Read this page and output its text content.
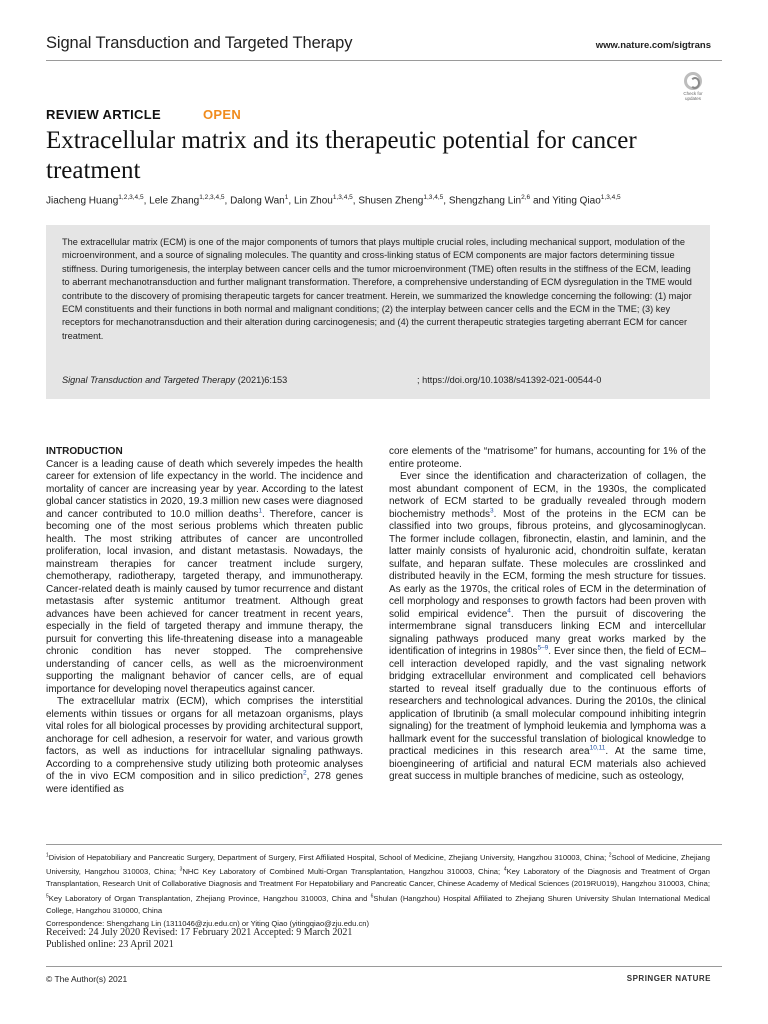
Signal Transduction and Targeted Therapy	www.nature.com/sigtrans
Check for updates
REVIEW ARTICLE	OPEN
Extracellular matrix and its therapeutic potential for cancer treatment
Jiacheng Huang$^{1,2,3,4,5}$, Lele Zhang$^{1,2,3,4,5}$, Dalong Wan$^1$, Lin Zhou$^{1,3,4,5}$, Shusen Zheng$^{1,3,4,5}$, Shengzhang Lin$^{2,6}$ and Yiting Qiao$^{1,3,4,5}$

The extracellular matrix (ECM) is one of the major components of tumors that plays multiple crucial roles, including mechanical support, modulation of the microenvironment, and a source of signaling molecules. The quantity and cross-linking status of ECM components are major factors determining tissue stiffness. During tumorigenesis, the interplay between cancer cells and the tumor microenvironment (TME) often results in the stiffness of the ECM, leading to aberrant mechanotransduction and further malignant transformation. Therefore, a comprehensive understanding of ECM dysregulation in the TME would contribute to the discovery of promising therapeutic targets for cancer treatment. Herein, we summarized the knowledge concerning the following: (1) major ECM constituents and their functions in both normal and malignant conditions; (2) the interplay between cancer cells and the ECM in the TME; (3) key receptors for mechanotransduction and their alteration during carcinogenesis; and (4) the current therapeutic strategies targeting aberrant ECM for cancer treatment.

Signal Transduction and Targeted Therapy (2021)6:153	; https://doi.org/10.1038/s41392-021-00544-0
INTRODUCTION

Cancer is a leading cause of death which severely impedes the health career for extension of life expectancy in the world. The incidence and mortality of cancer are increasing year by year. According to the latest global cancer statistics in 2020, 19.3 million new cases were diagnosed and cancer contributed to 10.0 million deaths$^1$. Therefore, cancer is becoming one of the most serious problems which threaten public health. The most striking attributes of cancer are uncontrolled proliferation, local invasion, and distant metastasis. Nowadays, the mainstream therapies for cancer treatment include surgery, chemotherapy, radiotherapy, targeted therapy, and immunotherapy. Cancer-related death is mainly caused by tumor recurrence and distant metastasis after systemic antitumor treatment. Although great advances have been achieved for cancer treatment in recent years, especially in the field of targeted therapy and immune therapy, the pursuit for converting this life-threatening disease into a manageable chronic condition has never stopped. The comprehensive understanding of cancer cells, as well as the microenvironment supporting the malignant behavior of cancer cells, are of equal importance for developing novel therapeutics against cancer.

The extracellular matrix (ECM), which comprises the interstitial elements within tissues or organs for all metazoan organisms, plays vital roles for all biological processes by providing architectural support, anchorage for cell adhesion, a reservoir for water, and various growth factors, as well as inductions for intracellular signaling pathways. According to a comprehensive study utilizing both proteomic analyses of the in vivo ECM composition and in silico prediction$^2$, 278 genes were identified as

core elements of the “matrisome” for humans, accounting for 1% of the entire proteome.

Ever since the identification and characterization of collagen, the most abundant component of ECM, in the 1930s, the complicated network of ECM started to be gradually revealed through modern biochemistry methods$^3$. Most of the proteins in the ECM can be classified into two groups, fibrous proteins, and glycosaminoglycan. The former include collagen, fibronectin, elastin, and laminin, and the latter mainly consists of hyaluronic acid, chondroitin sulfate, keratan sulfate, and heparan sulfate. These molecules are crosslinked and distributed heavily in the ECM, forming the mesh structure for tissues. As early as the 1970s, the critical roles of ECM in the determination of cell morphology and responses to growth factors had been proven with solid empirical evidence$^4$. Then the pursuit of discovering the intermembrane signal transducers linking ECM and intercellular signaling pathways produced many great works marked by the identification of integrins in 1980s$^{5-9}$. Ever since then, the field of ECM–cell interaction developed rapidly, and the vast signaling network bridging extracellular environment and complicated cell behaviors started to reveal itself gradually due to the continuous efforts of researchers and technological advances. During the 2010s, the clinical application of Ibrutinib (a small molecular compound inhibiting integrin signaling) for the treatment of lymphoid leukemia and lymphoma was a hallmark event for the successful translation of biological knowledge to practical medicines in this research area$^{10,11}$. At the same time, bioengineering of artificial and natural ECM materials also achieved great success in multiple branches of medicine, such as osteology,

$^1$Division of Hepatobiliary and Pancreatic Surgery, Department of Surgery, First Affiliated Hospital, School of Medicine, Zhejiang University, Hangzhou 310003, China; $^2$School of Medicine, Zhejiang University, Hangzhou 310003, China; $^3$NHC Key Laboratory of Combined Multi-Organ Transplantation, Hangzhou 310003, China; $^4$Key Laboratory of the Diagnosis and Treatment of Organ Transplantation, Research Unit of Collaborative Diagnosis and Treatment For Hepatobiliary and Pancreatic Cancer, Chinese Academy of Medical Sciences (2019RU019), Hangzhou 310003, China; $^5$Key Laboratory of Organ Transplantation, Zhejiang Province, Hangzhou 310003, China and $^6$Shulan (Hangzhou) Hospital Affiliated to Zhejiang Shuren University Shulan International Medical College, Hangzhou 310000, China
Correspondence: Shengzhang Lin (1311046@zju.edu.cn) or Yiting Qiao (yitingqiao@zju.edu.cn)

Received: 24 July 2020 Revised: 17 February 2021 Accepted: 9 March 2021
Published online: 23 April 2021
© The Author(s) 2021	SPRINGER NATURE
